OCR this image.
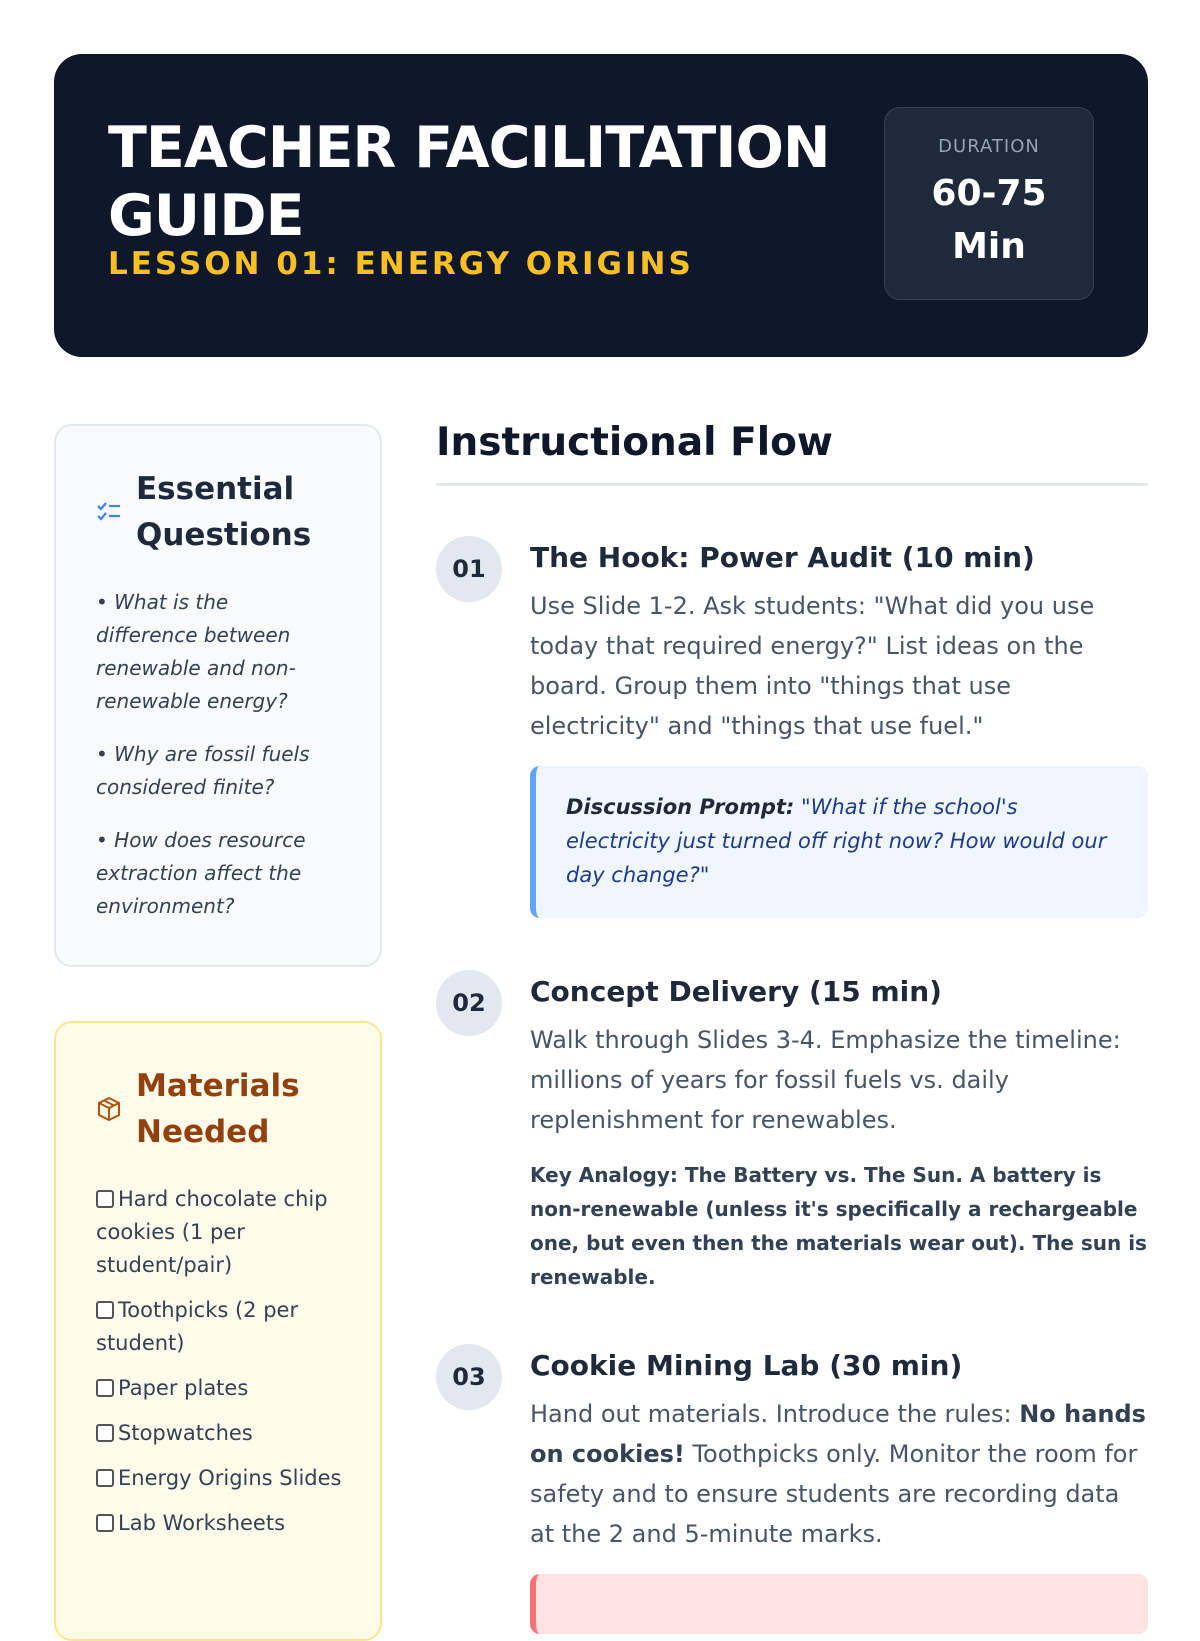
TEACHER FACILITATION GUIDE
LESSON 01: ENERGY ORIGINS
DURATION
60-75 Min
Essential Questions
• What is the difference between renewable and non-renewable energy?
• Why are fossil fuels considered finite?
• How does resource extraction affect the environment?
Materials Needed
Hard chocolate chip cookies (1 per student/pair)
Toothpicks (2 per student)
Paper plates
Stopwatches
Energy Origins Slides
Lab Worksheets
Instructional Flow
01	The Hook: Power Audit (10 min)

Use Slide 1-2. Ask students: "What did you use today that required energy?" List ideas on the board. Group them into "things that use electricity" and "things that use fuel."

Discussion Prompt: "What if the school's electricity just turned off right now? How would our day change?"
02	Concept Delivery (15 min)

Walk through Slides 3-4. Emphasize the timeline: millions of years for fossil fuels vs. daily replenishment for renewables.

Key Analogy: The Battery vs. The Sun. A battery is non-renewable (unless it's specifically a rechargeable one, but even then the materials wear out). The sun is renewable.
03	Cookie Mining Lab (30 min)

Hand out materials. Introduce the rules: No hands on cookies! Toothpicks only. Monitor the room for safety and to ensure students are recording data at the 2 and 5-minute marks.
